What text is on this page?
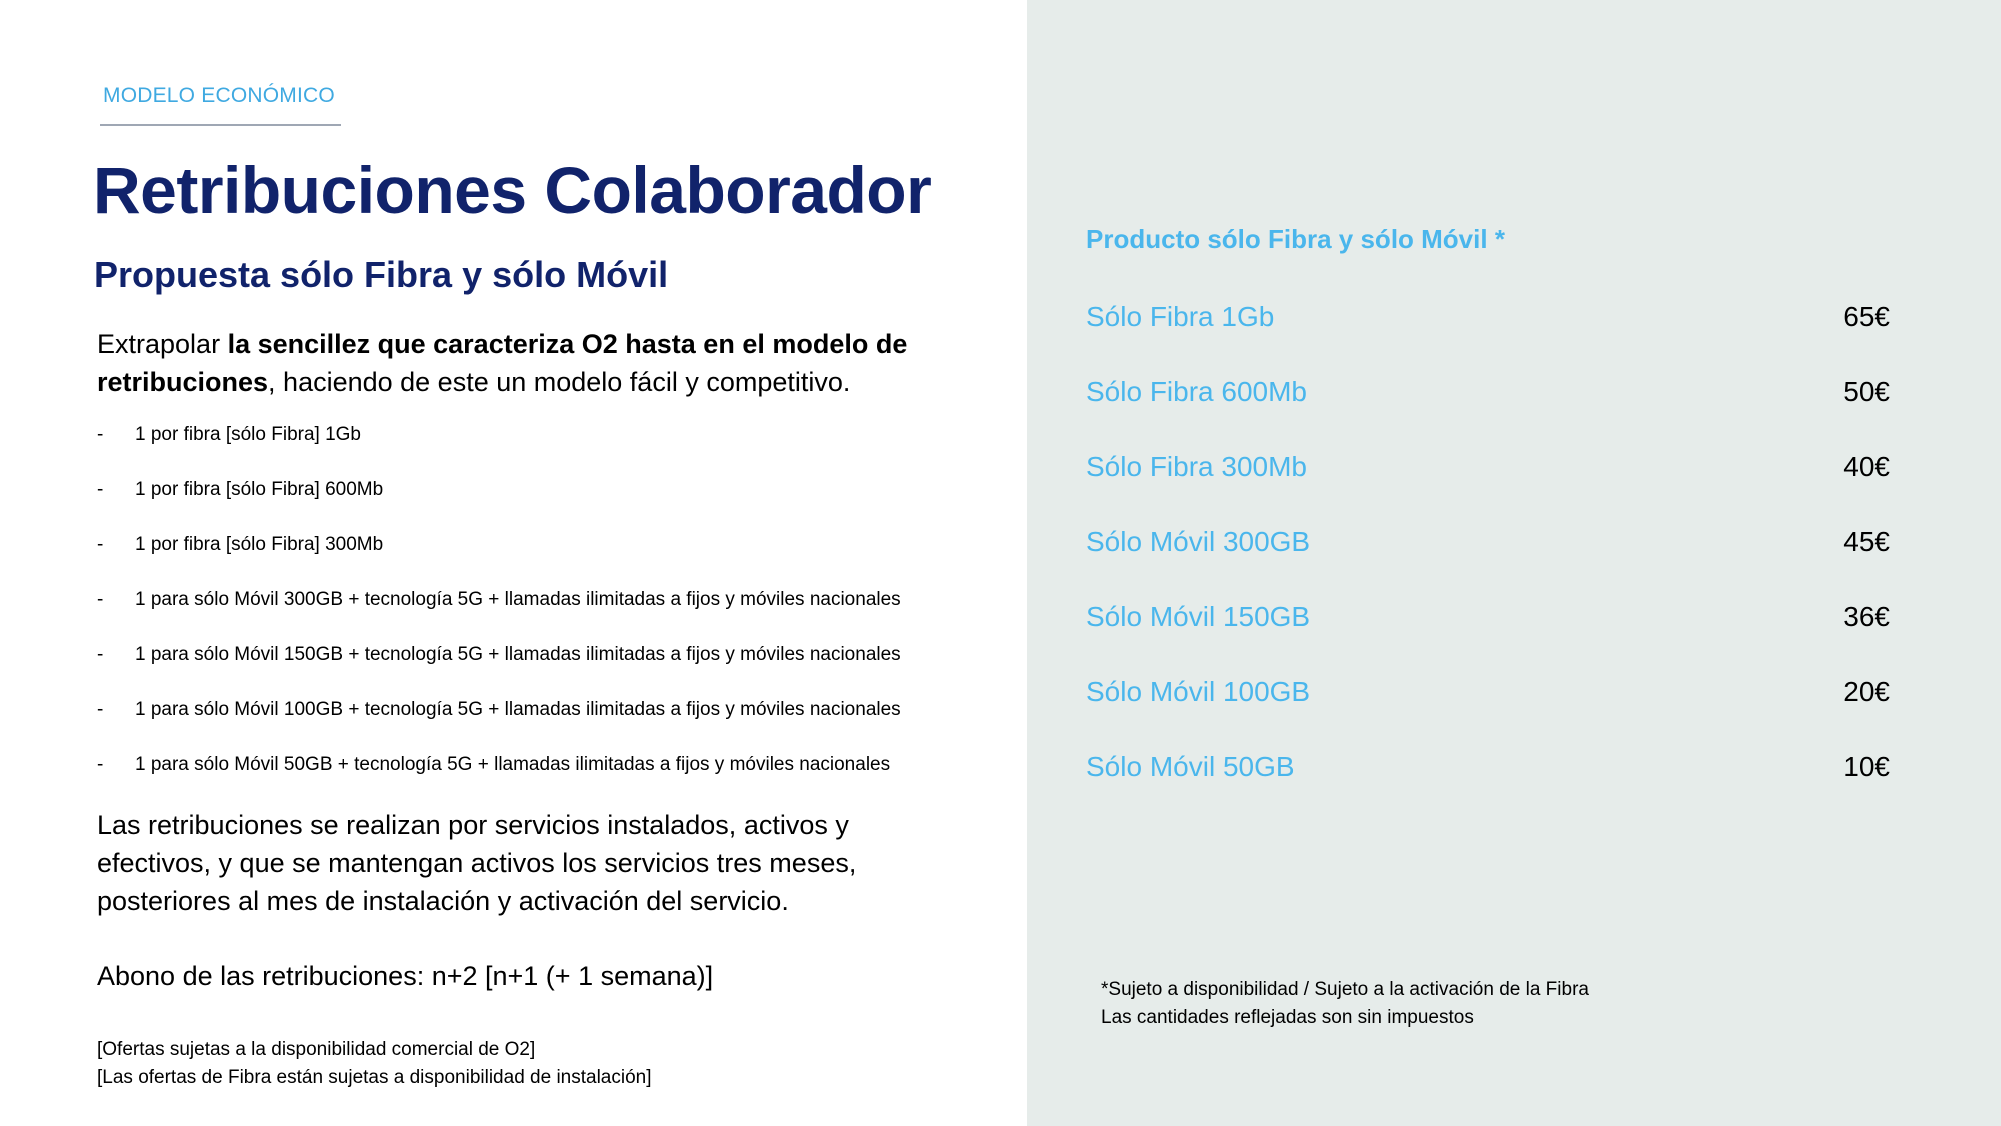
MODELO ECONÓMICO
Retribuciones Colaborador
Propuesta sólo Fibra y sólo Móvil
Extrapolar la sencillez que caracteriza O2 hasta en el modelo de retribuciones, haciendo de este un modelo fácil y competitivo.
- 1 por fibra [sólo Fibra] 1Gb
- 1 por fibra [sólo Fibra] 600Mb
- 1 por fibra [sólo Fibra] 300Mb
- 1 para sólo Móvil 300GB + tecnología 5G + llamadas ilimitadas a fijos y móviles nacionales
- 1 para sólo Móvil 150GB + tecnología 5G + llamadas ilimitadas a fijos y móviles nacionales
- 1 para sólo Móvil 100GB + tecnología 5G + llamadas ilimitadas a fijos y móviles nacionales
- 1 para sólo Móvil 50GB + tecnología 5G + llamadas ilimitadas a fijos y móviles nacionales
Las retribuciones se realizan por servicios instalados, activos y efectivos, y que se mantengan activos los servicios tres meses, posteriores al mes de instalación y activación del servicio.
Abono de las retribuciones: n+2 [n+1 (+ 1 semana)]
[Ofertas sujetas a la disponibilidad comercial de O2]
[Las ofertas de Fibra están sujetas a disponibilidad de instalación]
Producto sólo Fibra y sólo Móvil *
Sólo Fibra 1Gb	65€
Sólo Fibra 600Mb	50€
Sólo Fibra 300Mb	40€
Sólo Móvil 300GB	45€
Sólo Móvil 150GB	36€
Sólo Móvil 100GB	20€
Sólo Móvil 50GB	10€
*Sujeto a disponibilidad / Sujeto a la activación de la Fibra
Las cantidades reflejadas son sin impuestos
